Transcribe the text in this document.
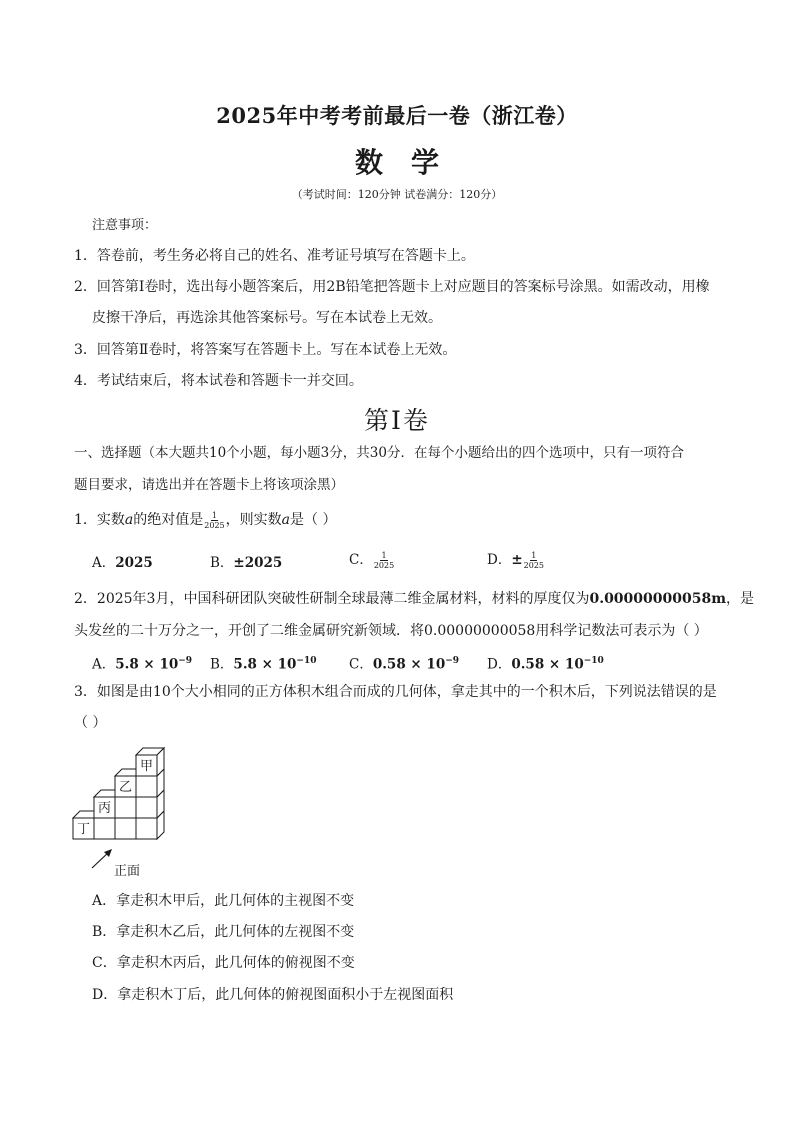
2025年中考考前最后一卷（浙江卷）
数学
（考试时间：120分钟 试卷满分：120分）
注意事项：
1．答卷前，考生务必将自己的姓名、准考证号填写在答题卡上。
2．回答第Ⅰ卷时，选出每小题答案后，用2B铅笔把答题卡上对应题目的答案标号涂黑。如需改动，用橡
皮擦干净后，再选涂其他答案标号。写在本试卷上无效。
3．回答第Ⅱ卷时，将答案写在答题卡上。写在本试卷上无效。
4．考试结束后，将本试卷和答题卡一并交回。
第Ⅰ卷
一、选择题（本大题共10个小题，每小题3分，共30分．在每个小题给出的四个选项中，只有一项符合
题目要求，请选出并在答题卡上将该项涂黑）
1．实数a的绝对值是 $\frac{1}{2025}$ ，则实数a是（ ）
A．2025	B．±2025	C． $\frac{1}{2025}$	D．± $\frac{1}{2025}$
2．2025年3月，中国科研团队突破性研制全球最薄二维金属材料，材料的厚度仅为0.00000000058m，是
头发丝的二十万分之一，开创了二维金属研究新领域．将0.00000000058用科学记数法可表示为（ ）
A．$5.8 \times 10^{-9}$ B．$5.8 \times 10^{-10}$ C．$0.58 \times 10^{-9}$ D．$0.58 \times 10^{-10}$
3．如图是由10个大小相同的正方体积木组合而成的几何体，拿走其中的一个积木后，下列说法错误的是
（ ）
甲
乙
丙
丁
正面
A．拿走积木甲后，此几何体的主视图不变
B．拿走积木乙后，此几何体的左视图不变
C．拿走积木丙后，此几何体的俯视图不变
D．拿走积木丁后，此几何体的俯视图面积小于左视图面积
